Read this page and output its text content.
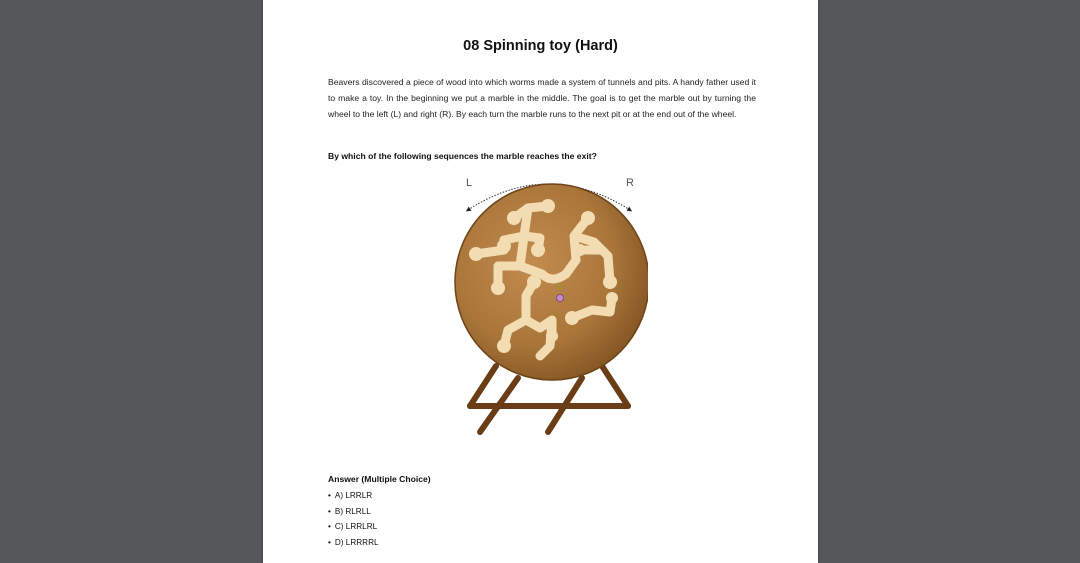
08 Spinning toy (Hard)

Beavers discovered a piece of wood into which worms made a system of tunnels and pits. A handy father used it to make a toy. In the beginning we put a marble in the middle. The goal is to get the marble out by turning the wheel to the left (L) and right (R). By each turn the marble runs to the next pit or at the end out of the wheel.

By which of the following sequences the marble reaches the exit?
L	R
Answer (Multiple Choice)
• A) LRRLR
• B) RLRLL
• C) LRRLRL
• D) LRRRRL
